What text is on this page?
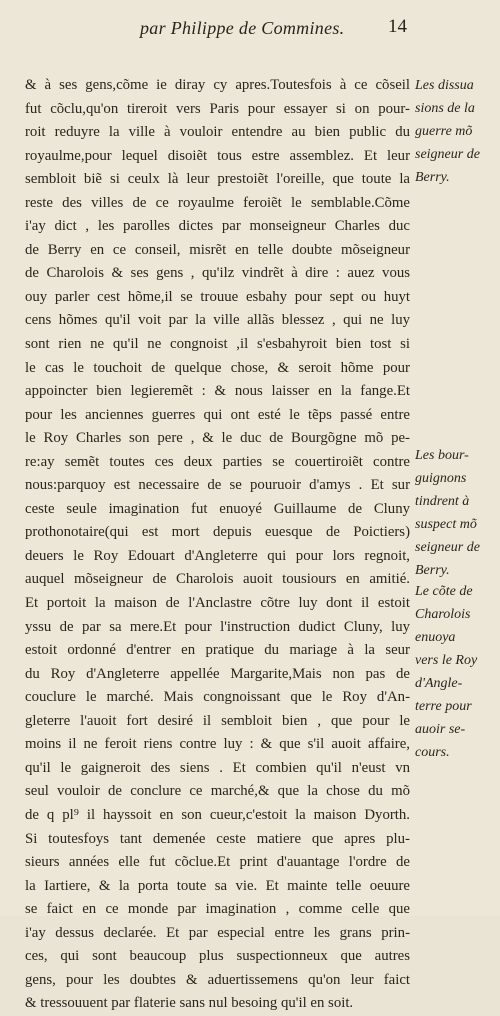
par Philippe de Commines. 14
& à ses gens,cõme ie diray cy apres.Toutesfois à ce cõseil
fut cõclu,qu'on tireroit vers Paris pour essayer si on pour-
roit reduyre la ville à vouloir entendre au bien public du
royaulme,pour lequel disoiẽt tous estre assemblez. Et leur
sembloit biẽ si ceulx là leur prestoiẽt l'oreille, que toute la
reste des villes de ce royaulme feroiẽt le semblable.Cõme
i'ay dict , les parolles dictes par monseigneur Charles duc
de Berry en ce conseil, misrẽt en telle doubte mõseigneur
de Charolois & ses gens , qu'ilz vindrẽt à dire : auez vous
ouy parler cest hõme,il se trouue esbahy pour sept ou huyt
cens hõmes qu'il voit par la ville allãs blessez , qui ne luy
sont rien ne qu'il ne congnoist ,il s'esbahyroit bien tost si
le cas le touchoit de quelque chose, & seroit hõme pour
appoincter bien legieremẽt : & nous laisser en la fange.Et
pour les anciennes guerres qui ont esté le tẽps passé entre
le Roy Charles son pere , & le duc de Bourgõgne mõ pe-
re:ay semẽt toutes ces deux parties se couertiroiẽt contre
nous:parquoy est necessaire de se pouruoir d'amys . Et sur
ceste seule imagination fut enuoyé Guillaume de Cluny
prothonotaire(qui est mort depuis euesque de Poictiers)
deuers le Roy Edouart d'Angleterre qui pour lors regnoit,
auquel mõseigneur de Charolois auoit tousiours en amitié.
Et portoit la maison de l'Anclastre cõtre luy dont il estoit
yssu de par sa mere.Et pour l'instruction dudict Cluny, luy
estoit ordonné d'entrer en pratique du mariage à la seur
du Roy d'Angleterre appellée Margarite,Mais non pas de
couclure le marché. Mais congnoissant que le Roy d'An-
gleterre l'auoit fort desiré il sembloit bien , que pour le
moins il ne feroit riens contre luy : & que s'il auoit affaire,
qu'il le gaigneroit des siens . Et combien qu'il n'eust vn
seul vouloir de conclure ce marché,& que la chose du mõ
de q pl⁹ il hayssoit en son cueur,c'estoit la maison Dyorth.
Si toutesfoys tant demenée ceste matiere que apres plu-
sieurs années elle fut cõclue.Et print d'auantage l'ordre de
la Iartiere, & la porta toute sa vie. Et mainte telle oeuure
se faict en ce monde par imagination , comme celle que
i'ay dessus declarée. Et par especial entre les grans prin-
ces, qui sont beaucoup plus suspectionneux que autres
gens, pour les doubtes & aduertissemens qu'on leur faict
& tressouuent par flaterie sans nul besoing qu'il en soit.
Les dissua
sions de la
guerre mõ
seigneur de
Berry.
Les bour-
guignons
tindrent à
suspect mõ
seigneur de
Berry.
Le cõte de
Charolois
enuoya
vers le Roy
d'Angle-
terre pour
auoir se-
cours.
